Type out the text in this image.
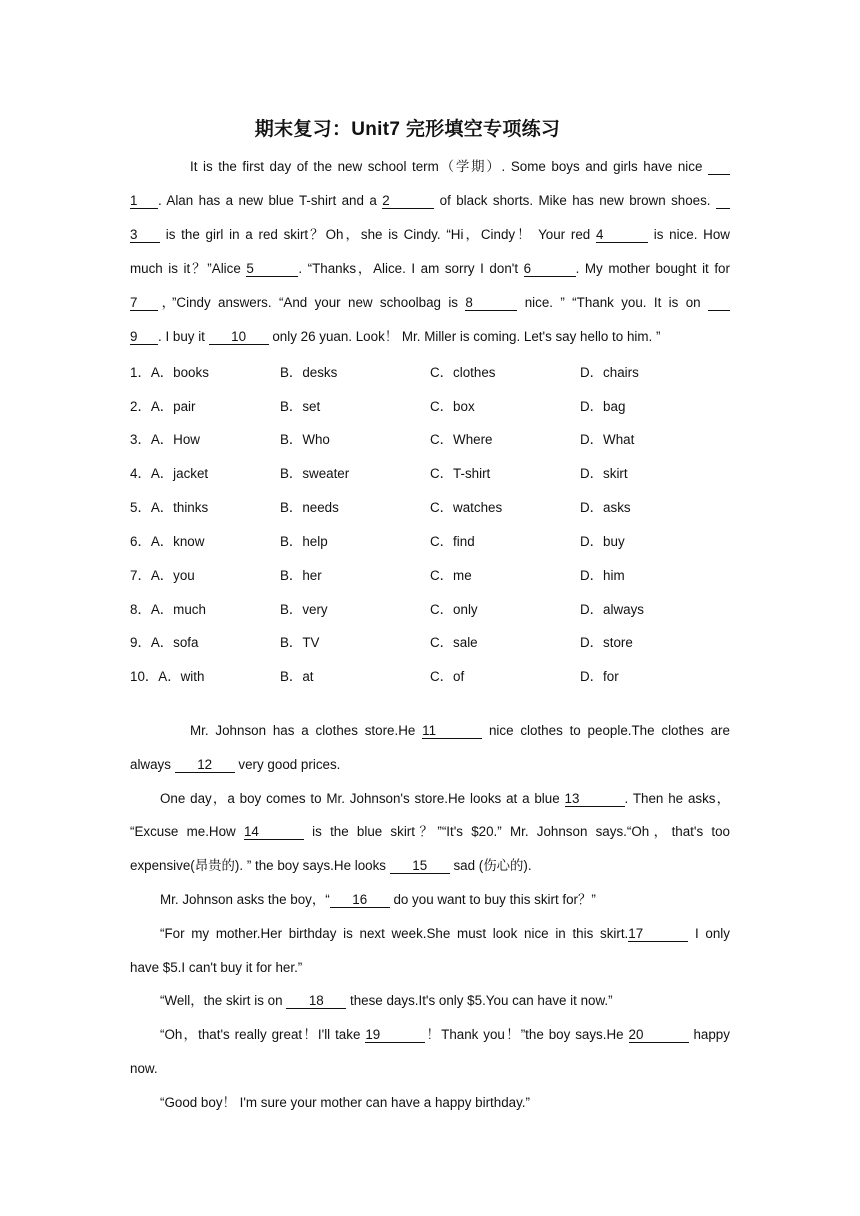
期末复习：Unit7 完形填空专项练习
It is the first day of the new school term（学期）. Some boys and girls have nice
1 . Alan has a new blue T-shirt and a 2	of black shorts. Mike has new brown shoes.
3 is the girl in a red skirt？Oh，she is Cindy. “Hi，Cindy！ Your red 4	is nice. How
much is it？”Alice 5	. “Thanks，Alice. I am sorry I don't 6	. My mother bought it for
7 ，”Cindy answers. “And your new schoolbag is 8	nice. ” “Thank you. It is on
9 . I buy it 10 only 26 yuan. Look！ Mr. Miller is coming. Let's say hello to him. ”
1．A．books	B．desks	C．clothes	D．chairs
2．A．pair	B．set	C．box	D．bag
3．A．How	B．Who	C．Where	D．What
4．A．jacket	B．sweater	C．T-shirt	D．skirt
5．A．thinks	B．needs	C．watches	D．asks
6．A．know	B．help	C．find	D．buy
7．A．you	B．her	C．me	D．him
8．A．much	B．very	C．only	D．always
9．A．sofa	B．TV	C．sale	D．store
10．A．with	B．at	C．of	D．for
Mr. Johnson has a clothes store.He 11	nice clothes to people.The clothes are
always 12 very good prices.
One day，a boy comes to Mr. Johnson's store.He looks at a blue 13	. Then he asks，
“Excuse me.How 14	is the blue skirt？”“It's $20.” Mr. Johnson says.“Oh，that's too
expensive(昂贵的). ” the boy says.He looks 15 sad (伤心的).
Mr. Johnson asks the boy，“ 16 do you want to buy this skirt for？”
“For my mother.Her birthday is next week.She must look nice in this skirt.17	I only
have $5.I can't buy it for her.”
“Well，the skirt is on 18 these days.It's only $5.You can have it now.”
“Oh，that's really great！I'll take 19	！Thank you！”the boy says.He 20	happy
now.
“Good boy！ I'm sure your mother can have a happy birthday.”
